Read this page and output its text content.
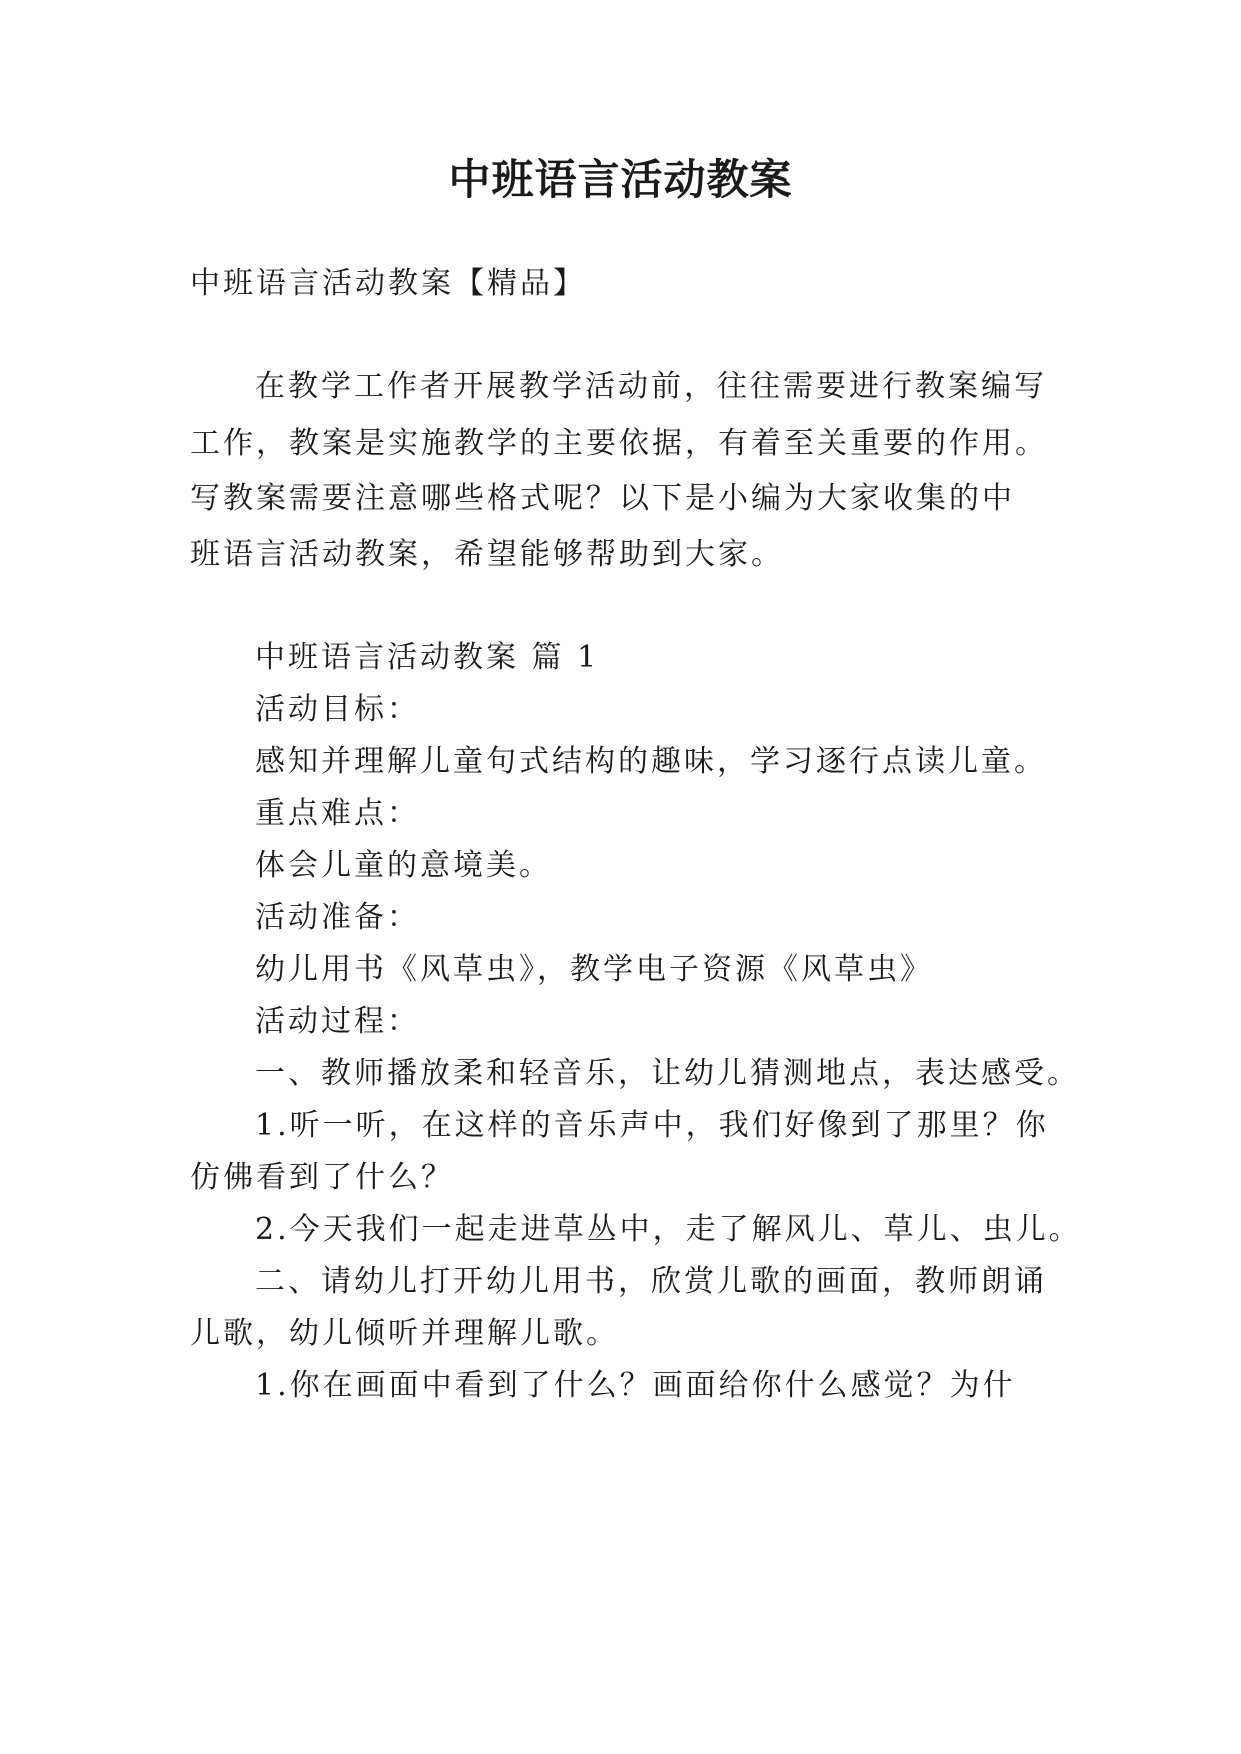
中班语言活动教案
中班语言活动教案【精品】
在教学工作者开展教学活动前，往往需要进行教案编写
工作，教案是实施教学的主要依据，有着至关重要的作用。
写教案需要注意哪些格式呢？以下是小编为大家收集的中
班语言活动教案，希望能够帮助到大家。
中班语言活动教案 篇 1
活动目标：
感知并理解儿童句式结构的趣味，学习逐行点读儿童。
重点难点：
体会儿童的意境美。
活动准备：
幼儿用书《风草虫》，教学电子资源《风草虫》
活动过程：
一、教师播放柔和轻音乐，让幼儿猜测地点，表达感受。
1.听一听，在这样的音乐声中，我们好像到了那里？你
仿佛看到了什么？
2.今天我们一起走进草丛中，走了解风儿、草儿、虫儿。
二、请幼儿打开幼儿用书，欣赏儿歌的画面，教师朗诵
儿歌，幼儿倾听并理解儿歌。
1.你在画面中看到了什么？画面给你什么感觉？为什
